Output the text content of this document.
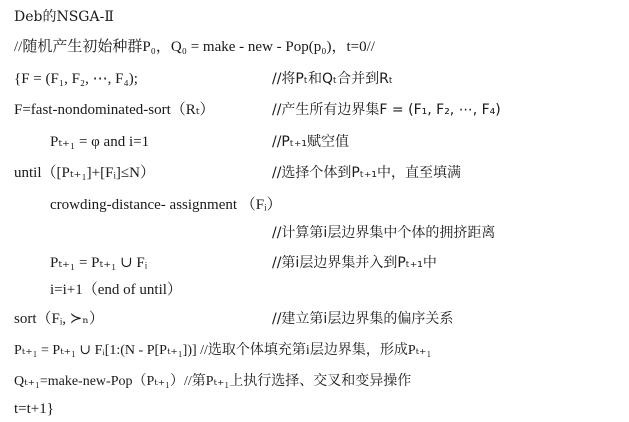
Deb的NSGA-Ⅱ
//随机产生初始种群P₀，Q₀ = make - new - Pop(p₀)，t=0//
{F = (F₁, F₂, ⋯, F₄);	//将Pₜ和Qₜ合并到Rₜ
F=fast-nondominated-sort（Rₜ）	//产生所有边界集F = (F₁, F₂, ⋯, F₄)
Pₜ₊₁ = φ and i=1	//Pₜ₊₁赋空值
until（[Pₜ₊₁]+[Fᵢ]≤N）	//选择个体到Pₜ₊₁中，直至填满
crowding-distance- assignment （Fᵢ）
//计算第i层边界集中个体的拥挤距离
Pₜ₊₁ = Pₜ₊₁ ∪ Fᵢ	//第i层边界集并入到Pₜ₊₁中
i=i+1（end of until）
sort（Fᵢ, ≻ₙ）	//建立第i层边界集的偏序关系
Pₜ₊₁ = Pₜ₊₁ ∪ Fᵢ[1:(N - P[Pₜ₊₁])] //选取个体填充第i层边界集，形成Pₜ₊₁
Qₜ₊₁=make-new-Pop（Pₜ₊₁）//第Pₜ₊₁上执行选择、交叉和变异操作
t=t+1}
